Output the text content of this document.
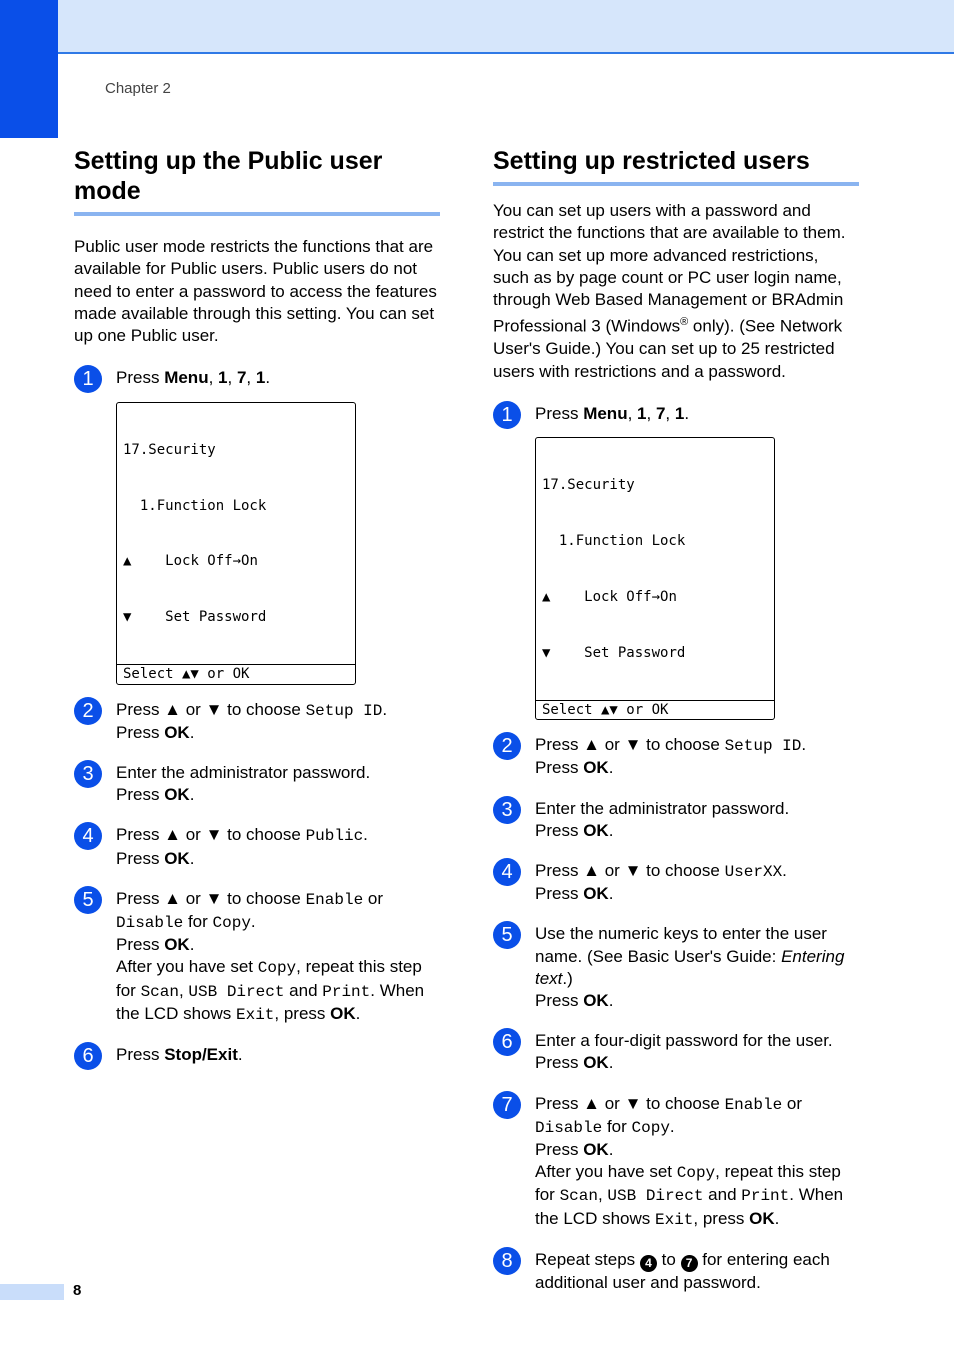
Chapter 2
Setting up the Public user mode

Public user mode restricts the functions that are available for Public users. Public users do not need to enter a password to access the features made available through this setting. You can set up one Public user.

1	Press Menu, 1, 7, 1.

17.Security

1.Function Lock

▲    Lock Off→On

▼    Set Password

Select ▲▼ or OK
2	Press ▲ or ▼ to choose Setup ID.
Press OK.
3	Enter the administrator password.
Press OK.
4	Press ▲ or ▼ to choose Public.
Press OK.
5	Press ▲ or ▼ to choose Enable or
Disable for Copy.
Press OK.
After you have set Copy, repeat this step for Scan, USB Direct and Print. When the LCD shows Exit, press OK.
6	Press Stop/Exit.
Setting up restricted users

You can set up users with a password and restrict the functions that are available to them. You can set up more advanced restrictions, such as by page count or PC user login name, through Web Based Management or BRAdmin Professional 3 (Windows® only). (See Network User's Guide.) You can set up to 25 restricted users with restrictions and a password.

1	Press Menu, 1, 7, 1.

17.Security

1.Function Lock

▲    Lock Off→On

▼    Set Password

Select ▲▼ or OK
2	Press ▲ or ▼ to choose Setup ID.
Press OK.
3	Enter the administrator password.
Press OK.
4	Press ▲ or ▼ to choose UserXX.
Press OK.
5	Use the numeric keys to enter the user name. (See Basic User's Guide: Entering text.)
Press OK.
6	Enter a four-digit password for the user.
Press OK.
7	Press ▲ or ▼ to choose Enable or
Disable for Copy.
Press OK.
After you have set Copy, repeat this step for Scan, USB Direct and Print. When the LCD shows Exit, press OK.
8	Repeat steps 4 to 7 for entering each additional user and password.
8
